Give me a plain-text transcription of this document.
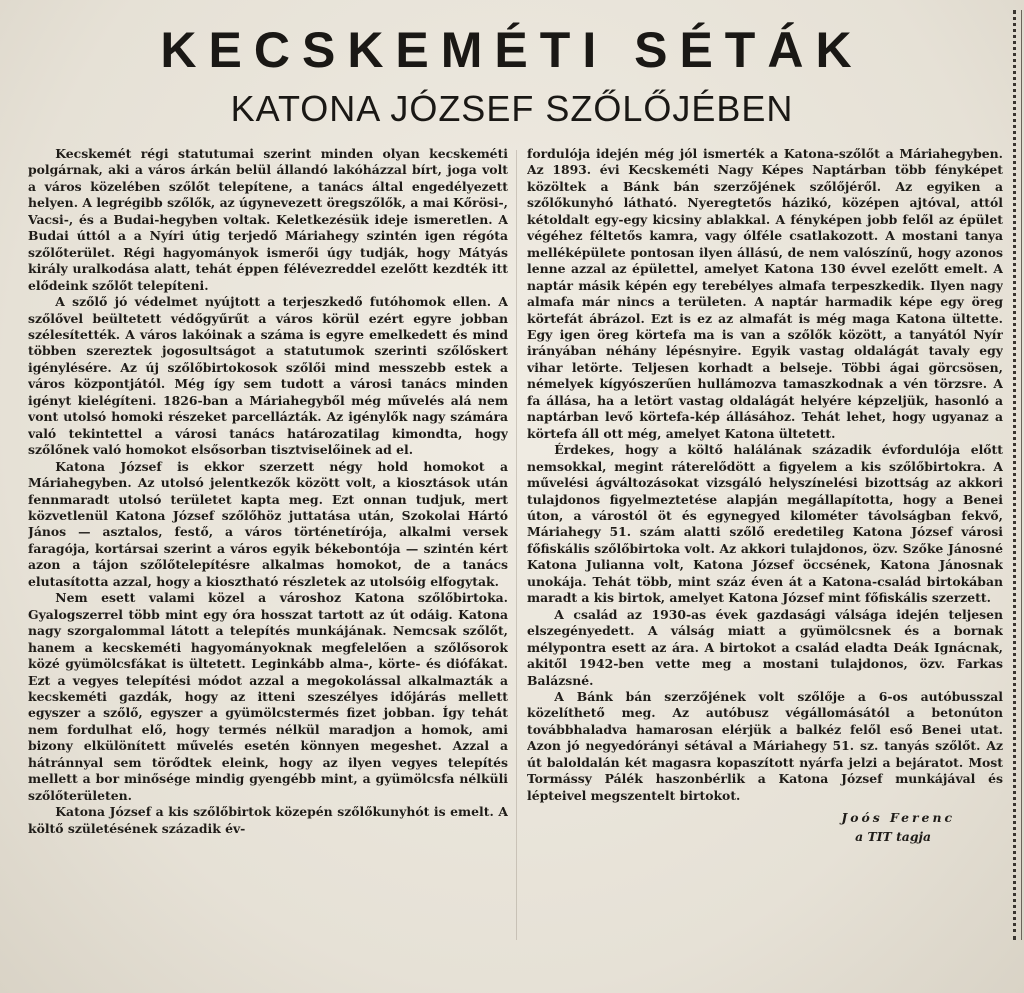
KECSKEMÉTI SÉTÁK
KATONA JÓZSEF SZŐLŐJÉBEN

Kecskemét régi statutumai szerint minden olyan kecskeméti polgárnak, aki a város árkán belül állandó lakóházzal bírt, joga volt a város közelében szőlőt telepítene, a tanács által engedélyezett helyen. A legrégibb szőlők, az úgynevezett öregszőlők, a mai Kőrösi-, Vacsi-, és a Budai-hegyben voltak. Keletkezésük ideje ismeretlen. A Budai úttól a a Nyíri útig terjedő Máriahegy szintén igen régóta szőlőterület. Régi hagyományok ismerői úgy tudják, hogy Mátyás király uralkodása alatt, tehát éppen félévezreddel ezelőtt kezdték itt elődeink szőlőt telepíteni.

A szőlő jó védelmet nyújtott a terjeszkedő futóhomok ellen. A szőlővel beültetett védőgyűrűt a város körül ezért egyre jobban szélesítették. A város lakóinak a száma is egyre emelkedett és mind többen szereztek jogosultságot a statutumok szerinti szőlőskert igénylésére. Az új szőlőbirtokosok szőlői mind messzebb estek a város központjától. Még így sem tudott a városi tanács minden igényt kielégíteni. 1826-ban a Máriahegyből még művelés alá nem vont utolsó homoki részeket parcellázták. Az igénylők nagy számára való tekintettel a városi tanács határozatilag kimondta, hogy szőlőnek való homokot elsősorban tisztviselőinek ad el.

Katona József is ekkor szerzett négy hold homokot a Máriahegyben. Az utolsó jelentkezők között volt, a kiosztások után fennmaradt utolsó területet kapta meg. Ezt onnan tudjuk, mert közvetlenül Katona József szőlőhöz juttatása után, Szokolai Hártó János — asztalos, festő, a város történetírója, alkalmi versek faragója, kortársai szerint a város egyik békebontója — szintén kért azon a tájon szőlőtelepítésre alkalmas homokot, de a tanács elutasította azzal, hogy a kiosztható részletek az utolsóig elfogytak.

Nem esett valami közel a városhoz Katona szőlőbirtoka. Gyalogszerrel több mint egy óra hosszat tartott az út odáig. Katona nagy szorgalommal látott a telepítés munkájának. Nemcsak szőlőt, hanem a kecskeméti hagyományoknak megfelelően a szőlősorok közé gyümölcsfákat is ültetett. Leginkább alma-, körte- és diófákat. Ezt a vegyes telepítési módot azzal a megokolással alkalmazták a kecskeméti gazdák, hogy az itteni szeszélyes időjárás mellett egyszer a szőlő, egyszer a gyümölcstermés fizet jobban. Így tehát nem fordulhat elő, hogy termés nélkül maradjon a homok, ami bizony elkülönített művelés esetén könnyen megeshet. Azzal a hátránnyal sem törődtek eleink, hogy az ilyen vegyes telepítés mellett a bor minősége mindig gyengébb mint, a gyümölcsfa nélküli szőlőterületen.

Katona József a kis szőlőbirtok közepén szőlőkunyhót is emelt. A költő születésének századik év-

fordulója idején még jól ismerték a Katona-szőlőt a Máriahegyben. Az 1893. évi Kecskeméti Nagy Képes Naptárban több fényképet közöltek a Bánk bán szerzőjének szőlőjéről. Az egyiken a szőlőkunyhó látható. Nyeregtetős házikó, középen ajtóval, attól kétoldalt egy-egy kicsiny ablakkal. A fényképen jobb felől az épület végéhez féltetős kamra, vagy ólféle csatlakozott. A mostani tanya melléképülete pontosan ilyen állású, de nem valószínű, hogy azonos lenne azzal az épülettel, amelyet Katona 130 évvel ezelőtt emelt. A naptár másik képén egy terebélyes almafa terpeszkedik. Ilyen nagy almafa már nincs a területen. A naptár harmadik képe egy öreg körtefát ábrázol. Ezt is ez az almafát is még maga Katona ültette. Egy igen öreg körtefa ma is van a szőlők között, a tanyától Nyír irányában néhány lépésnyire. Egyik vastag oldalágát tavaly egy vihar letörte. Teljesen korhadt a belseje. Többi ágai görcsösen, némelyek kígyószerűen hullámozva tamaszkodnak a vén törzsre. A fa állása, ha a letört vastag oldalágát helyére képzeljük, hasonló a naptárban levő körtefa-kép állásához. Tehát lehet, hogy ugyanaz a körtefa áll ott még, amelyet Katona ültetett.

Érdekes, hogy a költő halálának századik évfordulója előtt nemsokkal, megint ráterelődött a figyelem a kis szőlőbirtokra. A művelési ágváltozásokat vizsgáló helyszínelési bizottság az akkori tulajdonos figyelmeztetése alapján megállapította, hogy a Benei úton, a várostól öt és egynegyed kilométer távolságban fekvő, Máriahegy 51. szám alatti szőlő eredetileg Katona József városi főfiskális szőlőbirtoka volt. Az akkori tulajdonos, özv. Szőke Jánosné Katona Julianna volt, Katona József öccsének, Katona Jánosnak unokája. Tehát több, mint száz éven át a Katona-család birtokában maradt a kis birtok, amelyet Katona József mint főfiskális szerzett.

A család az 1930-as évek gazdasági válsága idején teljesen elszegényedett. A válság miatt a gyümölcsnek és a bornak mélypontra esett az ára. A birtokot a család eladta Deák Ignácnak, akitől 1942-ben vette meg a mostani tulajdonos, özv. Farkas Balázsné.

A Bánk bán szerzőjének volt szőlője a 6-os autóbusszal közelíthető meg. Az autóbusz végállomásától a betonúton továbbhaladva hamarosan elérjük a balkéz felől eső Benei utat. Azon jó negyedórányi sétával a Máriahegy 51. sz. tanyás szőlőt. Az út baloldalán két magasra kopaszított nyárfa jelzi a bejáratot. Most Tormássy Pálék haszonbérlik a Katona József munkájával és lépteivel megszentelt birtokot.

Joós Ferenc
a TIT tagja
